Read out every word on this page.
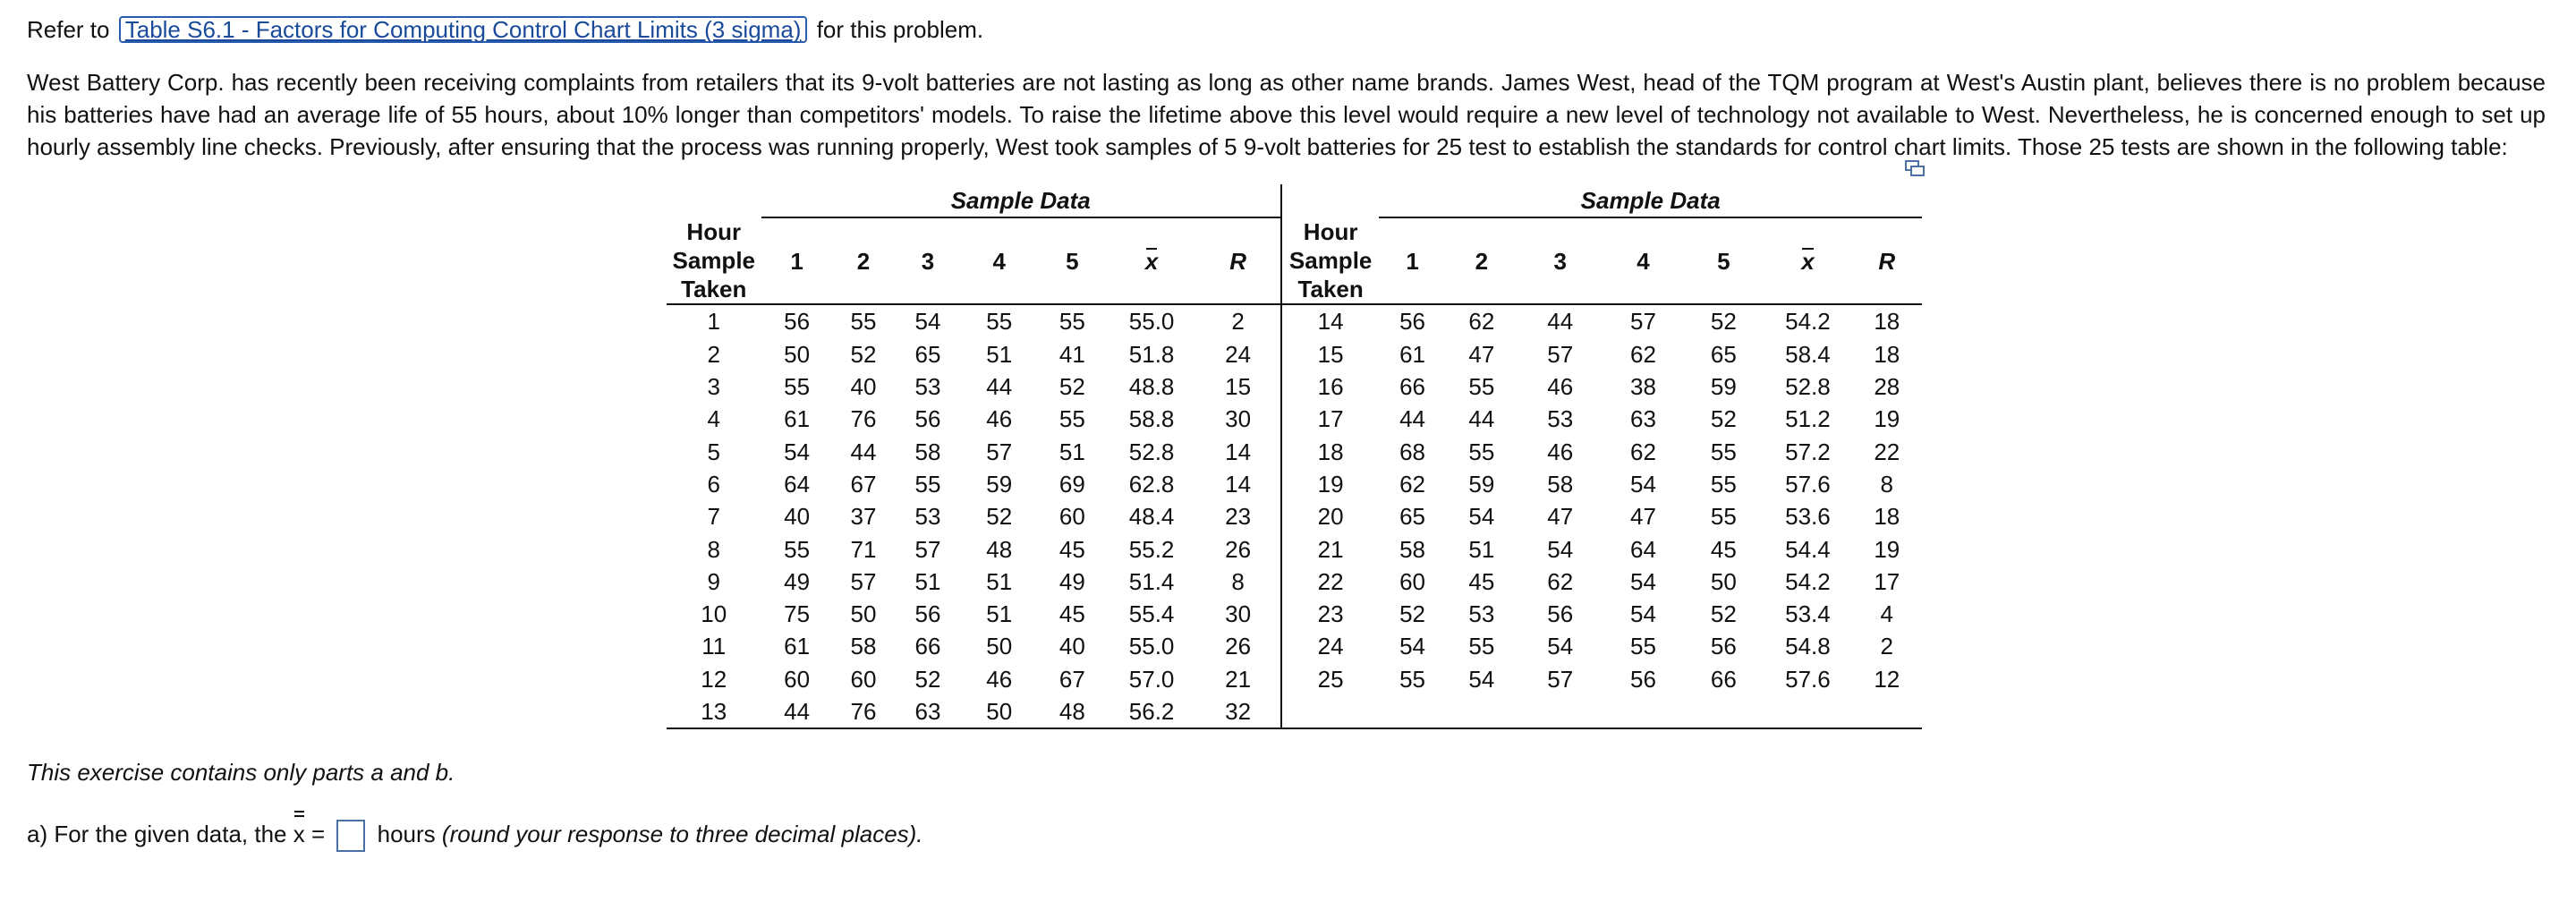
Refer to Table S6.1 - Factors for Computing Control Chart Limits (3 sigma) for this problem.

West Battery Corp. has recently been receiving complaints from retailers that its 9-volt batteries are not lasting as long as other name brands. James West, head of the TQM program at West's Austin plant, believes there is no problem because his batteries have had an average life of 55 hours, about 10% longer than competitors' models. To raise the lifetime above this level would require a new level of technology not available to West. Nevertheless, he is concerned enough to set up hourly assembly line checks. Previously, after ensuring that the process was running properly, West took samples of 5 9-volt batteries for 25 test to establish the standards for control chart limits. Those 25 tests are shown in the following table:

	Sample Data								Sample Data						
Hour
Sample
Taken	1	2	3	4	5	x	R	Hour
Sample
Taken	1	2	3	4	5	x	R
1	56	55	54	55	55	55.0	2	14	56	62	44	57	52	54.2	18
2	50	52	65	51	41	51.8	24	15	61	47	57	62	65	58.4	18
3	55	40	53	44	52	48.8	15	16	66	55	46	38	59	52.8	28
4	61	76	56	46	55	58.8	30	17	44	44	53	63	52	51.2	19
5	54	44	58	57	51	52.8	14	18	68	55	46	62	55	57.2	22
6	64	67	55	59	69	62.8	14	19	62	59	58	54	55	57.6	8
7	40	37	53	52	60	48.4	23	20	65	54	47	47	55	53.6	18
8	55	71	57	48	45	55.2	26	21	58	51	54	64	45	54.4	19
9	49	57	51	51	49	51.4	8	22	60	45	62	54	50	54.2	17
10	75	50	56	51	45	55.4	30	23	52	53	56	54	52	53.4	4
11	61	58	66	50	40	55.0	26	24	54	55	54	55	56	54.8	2
12	60	60	52	46	67	57.0	21	25	55	54	57	56	66	57.6	12
13	44	76	63	50	48	56.2	32								
This exercise contains only parts a and b.
a) For the given data, the x = hours (round your response to three decimal places).
